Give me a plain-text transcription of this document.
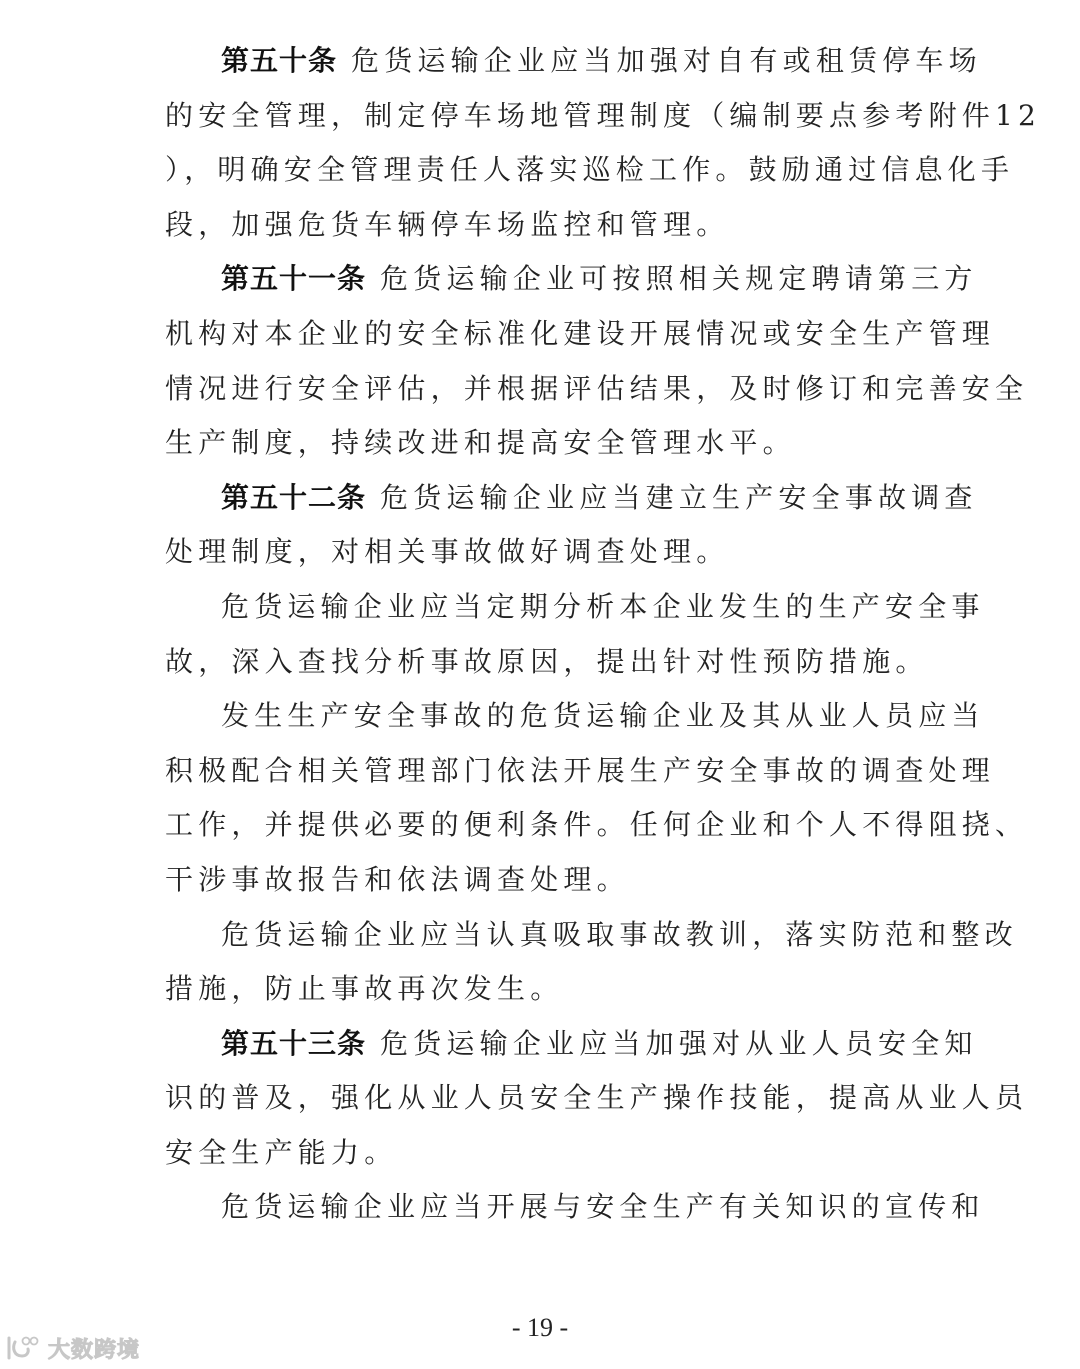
第五十条 危货运输企业应当加强对自有或租赁停车场
的安全管理，制定停车场地管理制度（编制要点参考附件12
），明确安全管理责任人落实巡检工作。鼓励通过信息化手
段，加强危货车辆停车场监控和管理。
第五十一条 危货运输企业可按照相关规定聘请第三方
机构对本企业的安全标准化建设开展情况或安全生产管理
情况进行安全评估，并根据评估结果，及时修订和完善安全
生产制度，持续改进和提高安全管理水平。
第五十二条 危货运输企业应当建立生产安全事故调查
处理制度，对相关事故做好调查处理。
危货运输企业应当定期分析本企业发生的生产安全事
故，深入查找分析事故原因，提出针对性预防措施。
发生生产安全事故的危货运输企业及其从业人员应当
积极配合相关管理部门依法开展生产安全事故的调查处理
工作，并提供必要的便利条件。任何企业和个人不得阻挠、
干涉事故报告和依法调查处理。
危货运输企业应当认真吸取事故教训，落实防范和整改
措施，防止事故再次发生。
第五十三条 危货运输企业应当加强对从业人员安全知
识的普及，强化从业人员安全生产操作技能，提高从业人员
安全生产能力。
危货运输企业应当开展与安全生产有关知识的宣传和
- 19 -
大数跨境
